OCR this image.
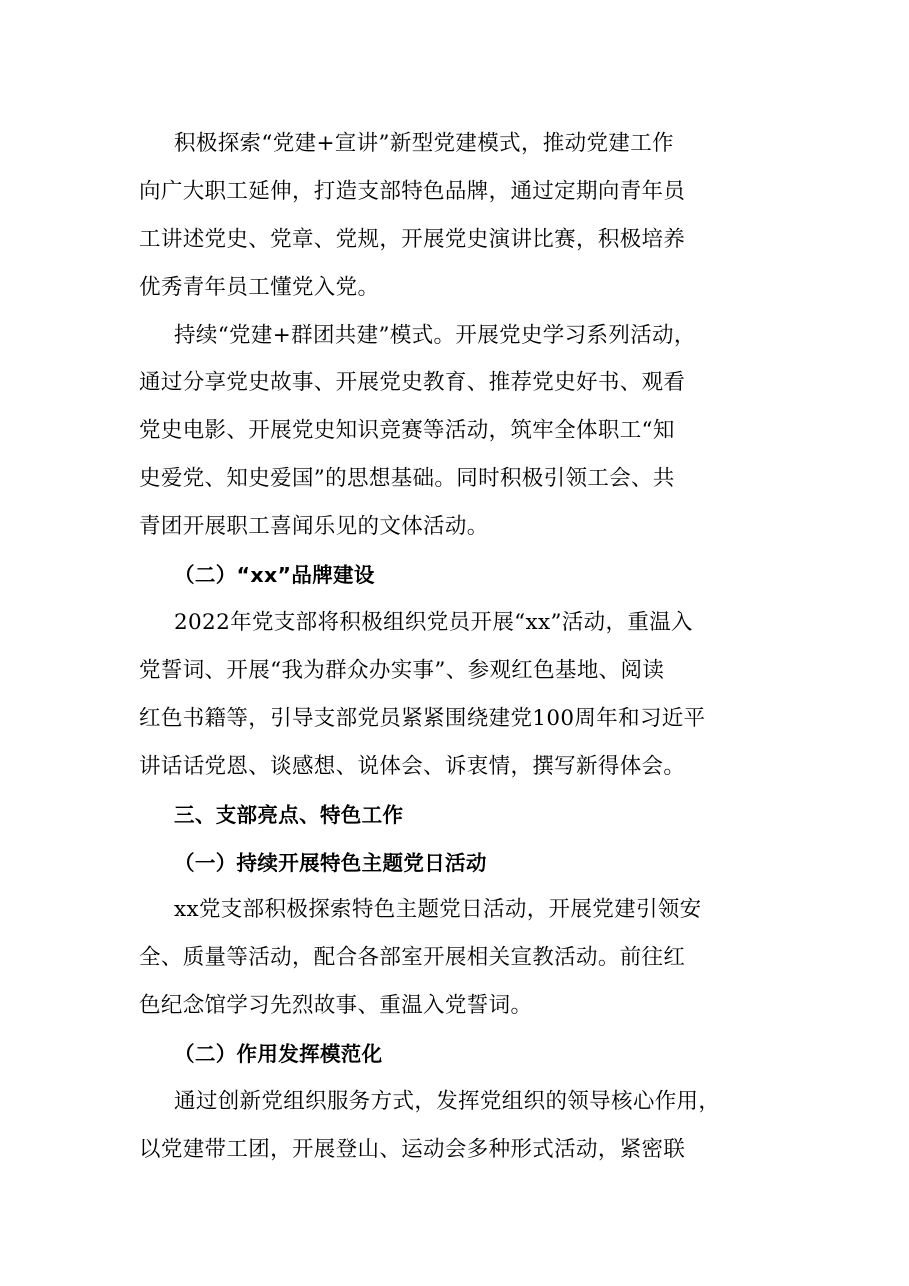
积极探索“党建+宣讲”新型党建模式，推动党建工作
向广大职工延伸，打造支部特色品牌，通过定期向青年员
工讲述党史、党章、党规，开展党史演讲比赛，积极培养
优秀青年员工懂党入党。
持续“党建+群团共建”模式。开展党史学习系列活动，
通过分享党史故事、开展党史教育、推荐党史好书、观看
党史电影、开展党史知识竞赛等活动，筑牢全体职工“知
史爱党、知史爱国”的思想基础。同时积极引领工会、共
青团开展职工喜闻乐见的文体活动。
（二）“xx”品牌建设
2022年党支部将积极组织党员开展“xx”活动，重温入
党誓词、开展“我为群众办实事”、参观红色基地、阅读
红色书籍等，引导支部党员紧紧围绕建党100周年和习近平
讲话话党恩、谈感想、说体会、诉衷情，撰写新得体会。
三、支部亮点、特色工作
（一）持续开展特色主题党日活动
xx党支部积极探索特色主题党日活动，开展党建引领安
全、质量等活动，配合各部室开展相关宣教活动。前往红
色纪念馆学习先烈故事、重温入党誓词。
（二）作用发挥模范化
通过创新党组织服务方式，发挥党组织的领导核心作用，
以党建带工团，开展登山、运动会多种形式活动，紧密联
